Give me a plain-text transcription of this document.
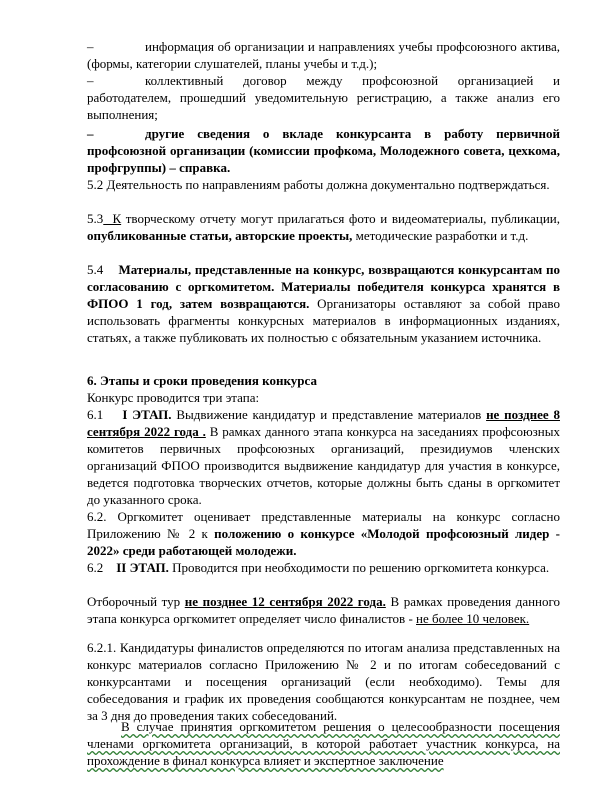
–	информация об организации и направлениях учебы профсоюзного актива, (формы, категории слушателей, планы учебы и т.д.);
–	коллективный договор между профсоюзной организацией и работодателем, прошедший уведомительную регистрацию, а также анализ его выполнения;
–	другие сведения о вкладе конкурсанта в работу первичной профсоюзной организации (комиссии профкома, Молодежного совета, цехкома, профгруппы) – справка.
5.2 Деятельность по направлениям работы должна документально подтверждаться.
5.3  К творческому отчету могут прилагаться фото и видеоматериалы, публикации, опубликованные статьи, авторские проекты, методические разработки и т.д.
5.4 Материалы, представленные на конкурс, возвращаются конкурсантам по согласованию с оргкомитетом. Материалы победителя конкурса хранятся в ФПОО 1 год, затем возвращаются. Организаторы оставляют за собой право использовать фрагменты конкурсных материалов в информационных изданиях, статьях, а также публиковать их полностью с обязательным указанием источника.
6. Этапы и сроки проведения конкурса
Конкурс проводится три этапа:
6.1 I ЭТАП. Выдвижение кандидатур и представление материалов не позднее 8 сентября 2022 года . В рамках данного этапа конкурса на заседаниях профсоюзных комитетов первичных профсоюзных организаций, президиумов членских организаций ФПОО производится выдвижение кандидатур для участия в конкурсе, ведется подготовка творческих отчетов, которые должны быть сданы в оргкомитет до указанного срока.
6.2. Оргкомитет оценивает представленные материалы на конкурс согласно Приложению № 2 к положению о конкурсе «Молодой профсоюзный лидер - 2022» среди работающей молодежи.
6.2 II ЭТАП. Проводится при необходимости по решению оргкомитета конкурса.
Отборочный тур не позднее 12 сентября 2022 года. В рамках проведения данного этапа конкурса оргкомитет определяет число финалистов - не более 10 человек.
6.2.1. Кандидатуры финалистов определяются по итогам анализа представленных на конкурс материалов согласно Приложению № 2 и по итогам собеседований с конкурсантами и посещения организаций (если необходимо). Темы для собеседования и график их проведения сообщаются конкурсантам не позднее, чем за 3 дня до проведения таких собеседований.
В случае принятия оргкомитетом решения о целесообразности посещения членами оргкомитета организаций, в которой работает участник конкурса, на прохождение в финал конкурса влияет и экспертное заключение
